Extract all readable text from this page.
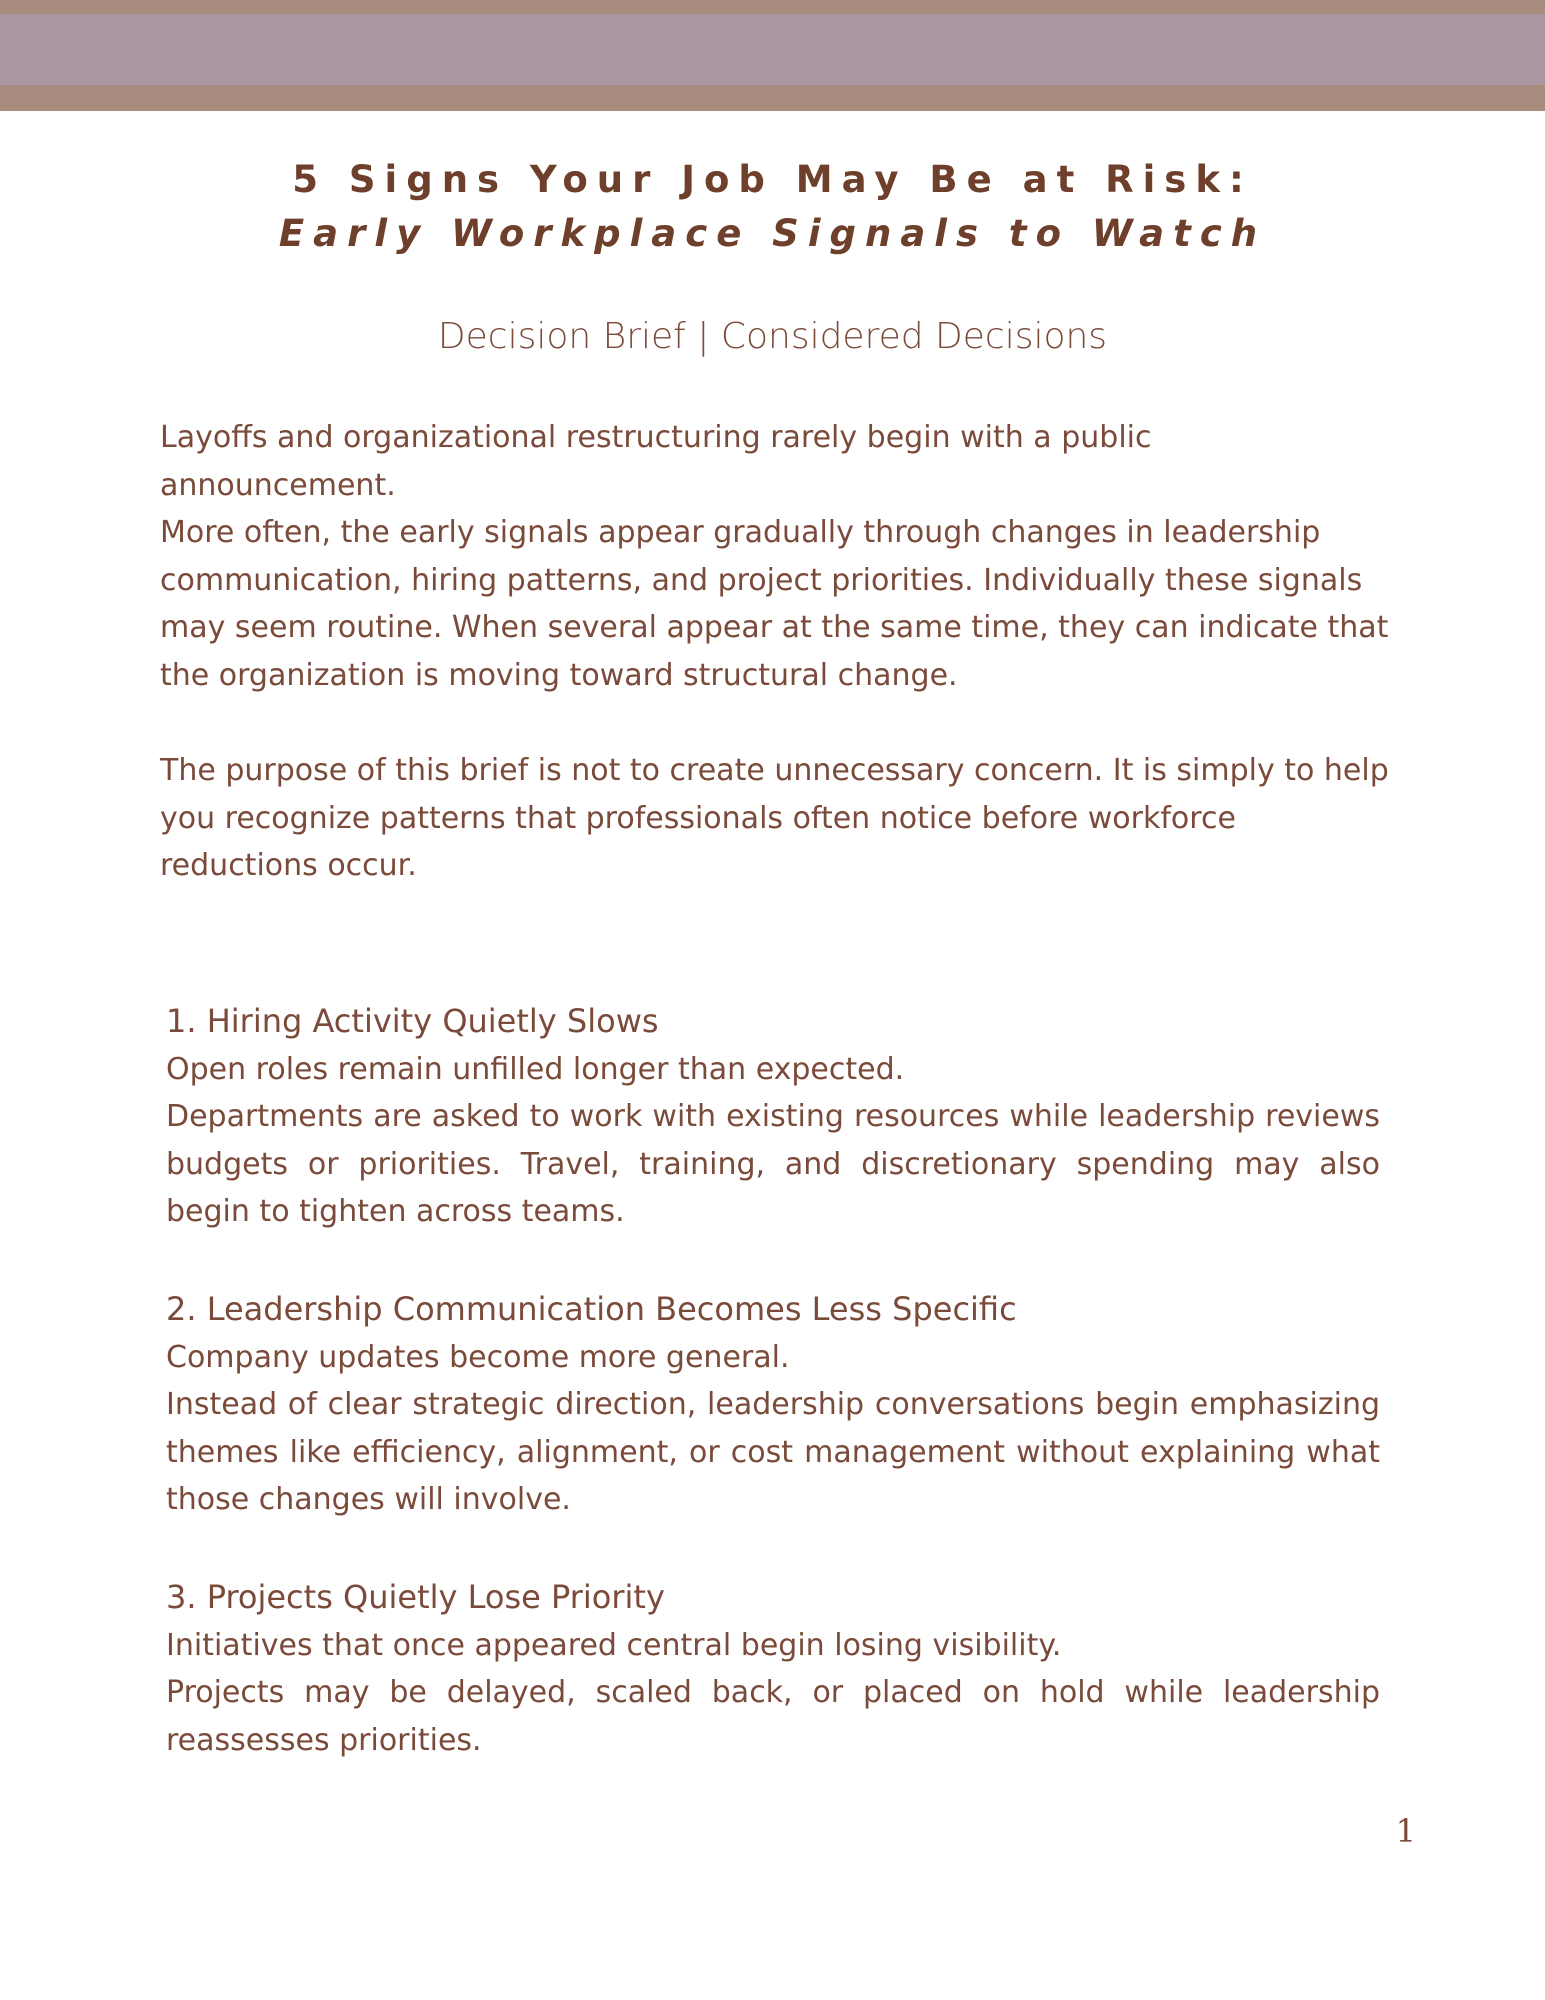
5 Signs Your Job May Be at Risk:
Early Workplace Signals to Watch
Decision Brief | Considered Decisions
Layoffs and organizational restructuring rarely begin with a public announcement.
More often, the early signals appear gradually through changes in leadership communication, hiring patterns, and project priorities. Individually these signals may seem routine. When several appear at the same time, they can indicate that the organization is moving toward structural change.
The purpose of this brief is not to create unnecessary concern. It is simply to help you recognize patterns that professionals often notice before workforce reductions occur.
1. Hiring Activity Quietly Slows
Open roles remain unfilled longer than expected.
Departments are asked to work with existing resources while leadership reviews budgets or priorities. Travel, training, and discretionary spending may also begin to tighten across teams.
2. Leadership Communication Becomes Less Specific
Company updates become more general.
Instead of clear strategic direction, leadership conversations begin emphasizing themes like efficiency, alignment, or cost management without explaining what those changes will involve.
3. Projects Quietly Lose Priority
Initiatives that once appeared central begin losing visibility.
Projects may be delayed, scaled back, or placed on hold while leadership reassesses priorities.
1
